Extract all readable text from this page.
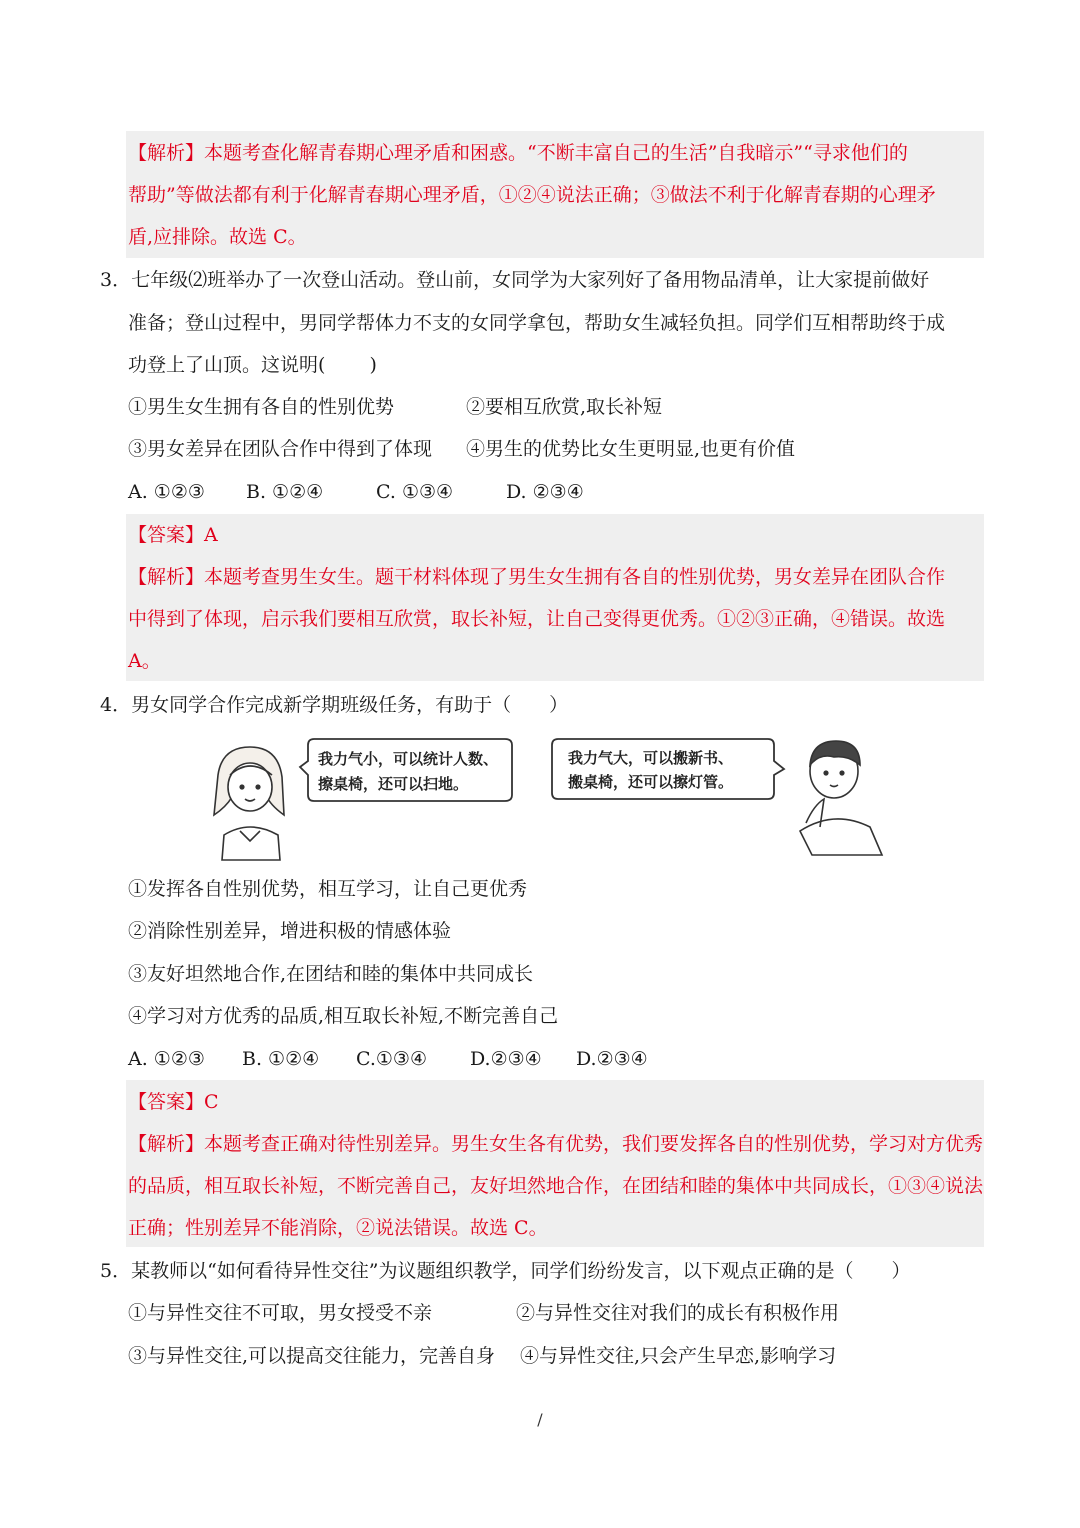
【解析】本题考查化解青春期心理矛盾和困惑。“不断丰富自己的生活”自我暗示”“寻求他们的
帮助”等做法都有利于化解青春期心理矛盾，①②④说法正确；③做法不利于化解青春期的心理矛
盾,应排除。故选 C。
3．七年级⑵班举办了一次登山活动。登山前，女同学为大家列好了备用物品清单，让大家提前做好
准备；登山过程中，男同学帮体力不支的女同学拿包，帮助女生减轻负担。同学们互相帮助终于成
功登上了山顶。这说明(　　 )
①男生女生拥有各自的性别优势	②要相互欣赏,取长补短
③男女差异在团队合作中得到了体现 ④男生的优势比女生更明显,也更有价值
A. ①②③ B. ①②④	C. ①③④	D. ②③④
【答案】A
【解析】本题考查男生女生。题干材料体现了男生女生拥有各自的性别优势，男女差异在团队合作
中得到了体现，启示我们要相互欣赏，取长补短，让自己变得更优秀。①②③正确，④错误。故选
A。
4．男女同学合作完成新学期班级任务，有助于（　　）
我力气小，可以统计人数、
擦桌椅，还可以扫地。
我力气大，可以搬新书、
搬桌椅，还可以擦灯管。
①发挥各自性别优势，相互学习，让自己更优秀
②消除性别差异，增进积极的情感体验
③友好坦然地合作,在团结和睦的集体中共同成长
④学习对方优秀的品质,相互取长补短,不断完善自己
A. ①②③ B. ①②④ C.①③④ D.②③④ D.②③④
【答案】C
【解析】本题考查正确对待性别差异。男生女生各有优势，我们要发挥各自的性别优势，学习对方优秀
的品质，相互取长补短，不断完善自己，友好坦然地合作，在团结和睦的集体中共同成长，①③④说法
正确；性别差异不能消除，②说法错误。故选 C。
5．某教师以“如何看待异性交往”为议题组织教学，同学们纷纷发言，以下观点正确的是（　　）
①与异性交往不可取，男女授受不亲	②与异性交往对我们的成长有积极作用
③与异性交往,可以提高交往能力，完善自身 ④与异性交往,只会产生早恋,影响学习
/
